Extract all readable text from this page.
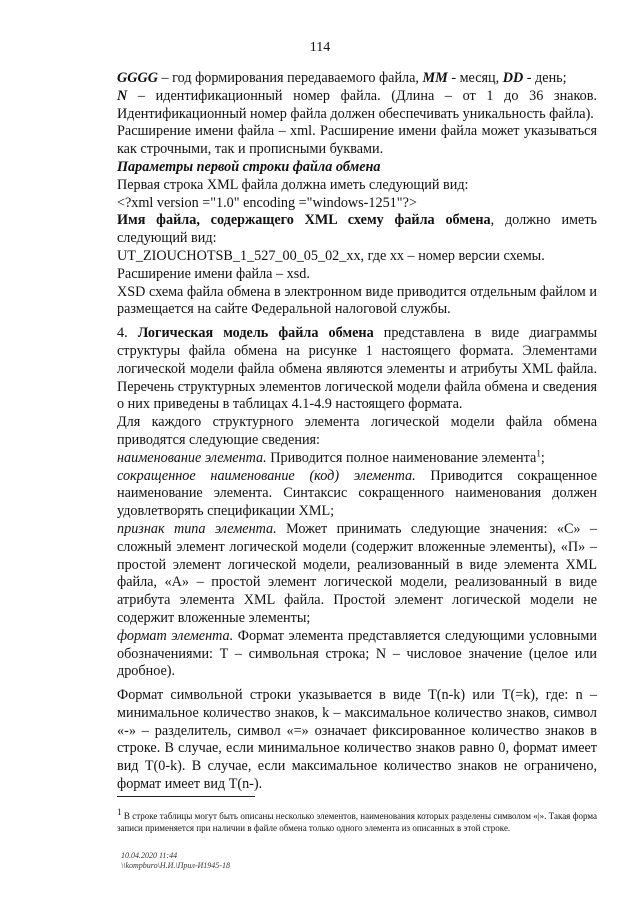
114

GGGG – год формирования передаваемого файла, MM - месяц, DD - день;

N – идентификационный номер файла. (Длина – от 1 до 36 знаков. Идентификационный номер файла должен обеспечивать уникальность файла).

Расширение имени файла – xml. Расширение имени файла может указываться как строчными, так и прописными буквами.

Параметры первой строки файла обмена

Первая строка XML файла должна иметь следующий вид:

<?xml version ="1.0" encoding ="windows-1251"?>

Имя файла, содержащего XML схему файла обмена, должно иметь следующий вид:

UT_ZIOUCHOTSB_1_527_00_05_02_xx, где хх – номер версии схемы.

Расширение имени файла – xsd.

XSD схема файла обмена в электронном виде приводится отдельным файлом и размещается на сайте Федеральной налоговой службы.

4. Логическая модель файла обмена представлена в виде диаграммы структуры файла обмена на рисунке 1 настоящего формата. Элементами логической модели файла обмена являются элементы и атрибуты XML файла. Перечень структурных элементов логической модели файла обмена и сведения о них приведены в таблицах 4.1-4.9 настоящего формата.

Для каждого структурного элемента логической модели файла обмена приводятся следующие сведения:

наименование элемента. Приводится полное наименование элемента$^1$;

сокращенное наименование (код) элемента. Приводится сокращенное наименование элемента. Синтаксис сокращенного наименования должен удовлетворять спецификации XML;

признак типа элемента. Может принимать следующие значения: «С» – сложный элемент логической модели (содержит вложенные элементы), «П» – простой элемент логической модели, реализованный в виде элемента XML файла, «А» – простой элемент логической модели, реализованный в виде атрибута элемента XML файла. Простой элемент логической модели не содержит вложенные элементы;

формат элемента. Формат элемента представляется следующими условными обозначениями: Т – символьная строка; N – числовое значение (целое или дробное).

Формат символьной строки указывается в виде Т(n-k) или Т(=k), где: n – минимальное количество знаков, k – максимальное количество знаков, символ «-» – разделитель, символ «=» означает фиксированное количество знаков в строке. В случае, если минимальное количество знаков равно 0, формат имеет вид Т(0-k). В случае, если максимальное количество знаков не ограничено, формат имеет вид Т(n-).

$^1$ В строке таблицы могут быть описаны несколько элементов, наименования которых разделены символом «|». Такая форма записи применяется при наличии в файле обмена только одного элемента из описанных в этой строке.
10.04.2020 11:44
\\kompburo\Н.И.\Прил-И1945-18
